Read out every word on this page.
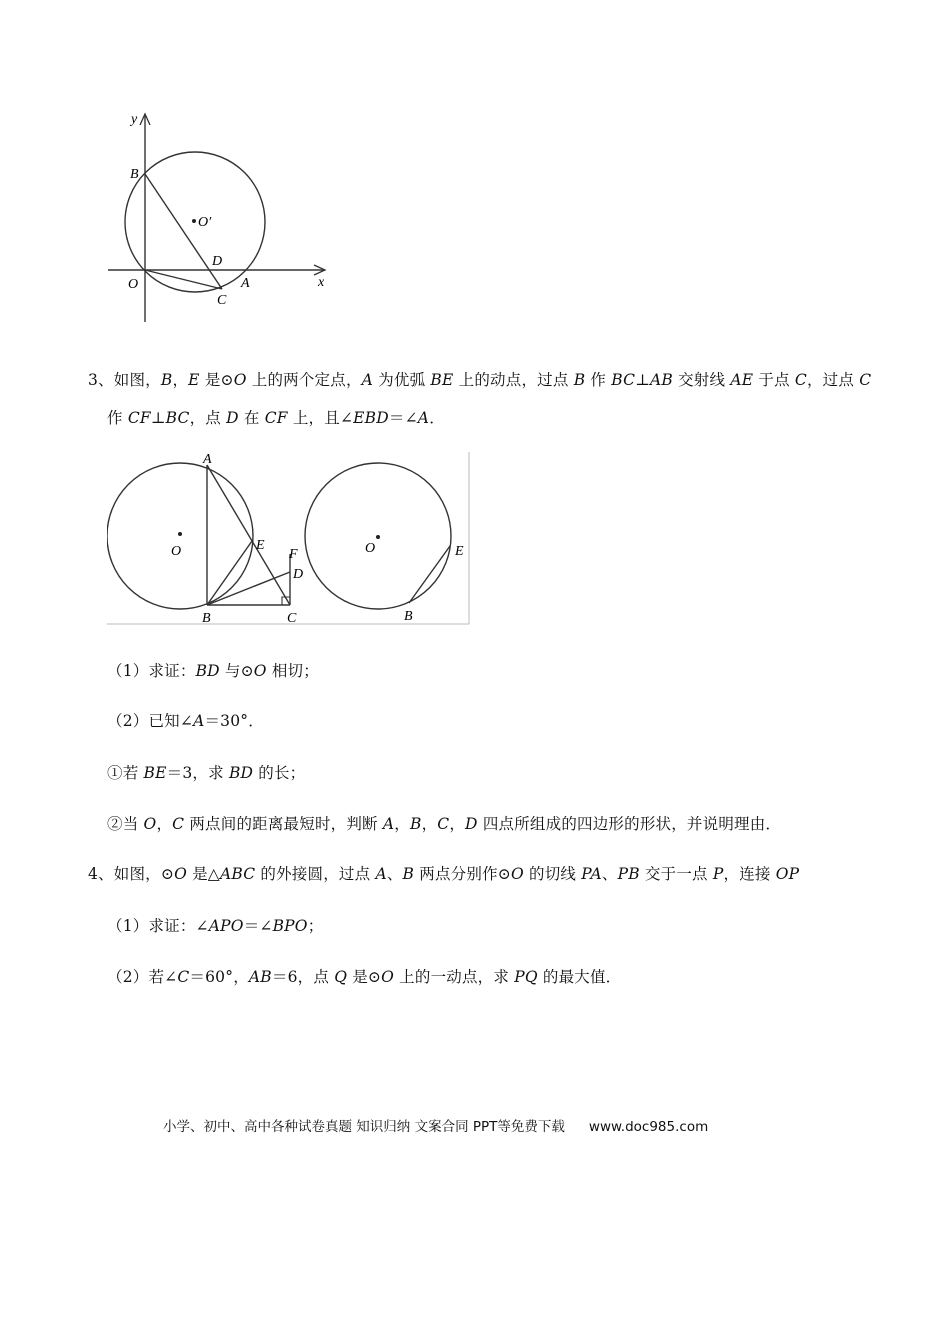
y
B
O′
D
O	A
C
x
3、如图，B，E 是⊙O 上的两个定点，A 为优弧 BE 上的动点，过点 B 作 BC⊥AB 交射线 AE 于点 C，过点 C
作 CF⊥BC，点 D 在 CF 上，且∠EBD＝∠A．
A
O	E
F
D
B	C
O	E
B
（1）求证：BD 与⊙O 相切；
（2）已知∠A＝30°．
①若 BE＝3，求 BD 的长；
②当 O，C 两点间的距离最短时，判断 A，B，C，D 四点所组成的四边形的形状，并说明理由．
4、如图，⊙O 是△ABC 的外接圆，过点 A、B 两点分别作⊙O 的切线 PA、PB 交于一点 P，连接 OP
（1）求证：∠APO＝∠BPO；
（2）若∠C＝60°，AB＝6，点 Q 是⊙O 上的一动点，求 PQ 的最大值．
小学、初中、高中各种试卷真题 知识归纳 文案合同 PPT等免费下载 www.doc985.com
